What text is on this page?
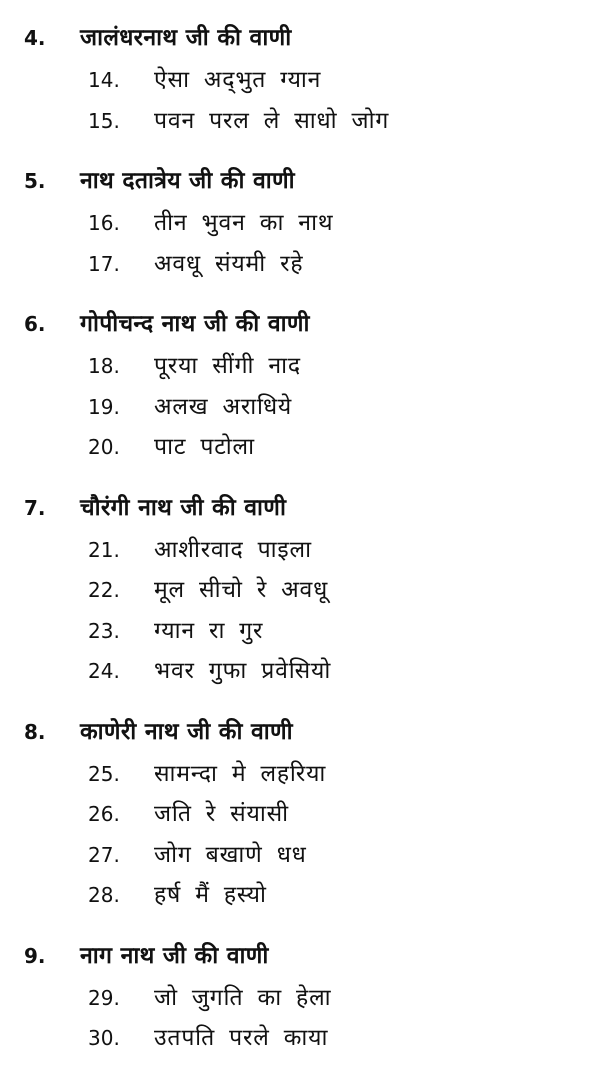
4.	जालंधरनाथ जी की वाणी
14.	ऐसा अद्‌भुत ग्यान
15.	पवन परल ले साधो जोग
5.	नाथ दतात्रेय जी की वाणी
16.	तीन भुवन का नाथ
17.	अवधू संयमी रहे
6.	गोपीचन्द नाथ जी की वाणी
18.	पूरया सींगी नाद
19.	अलख अराधिये
20.	पाट पटोला
7.	चौरंगी नाथ जी की वाणी
21.	आशीरवाद पाइला
22.	मूल सीचो रे अवधू
23.	ग्यान रा गुर
24.	भवर गुफा प्रवेसियो
8.	काणेरी नाथ जी की वाणी
25.	सामन्दा मे लहरिया
26.	जति रे संयासी
27.	जोग बखाणे धध
28.	हर्ष मैं हस्यो
9.	नाग नाथ जी की वाणी
29.	जो जुगति का हेला
30.	उतपति परले काया
